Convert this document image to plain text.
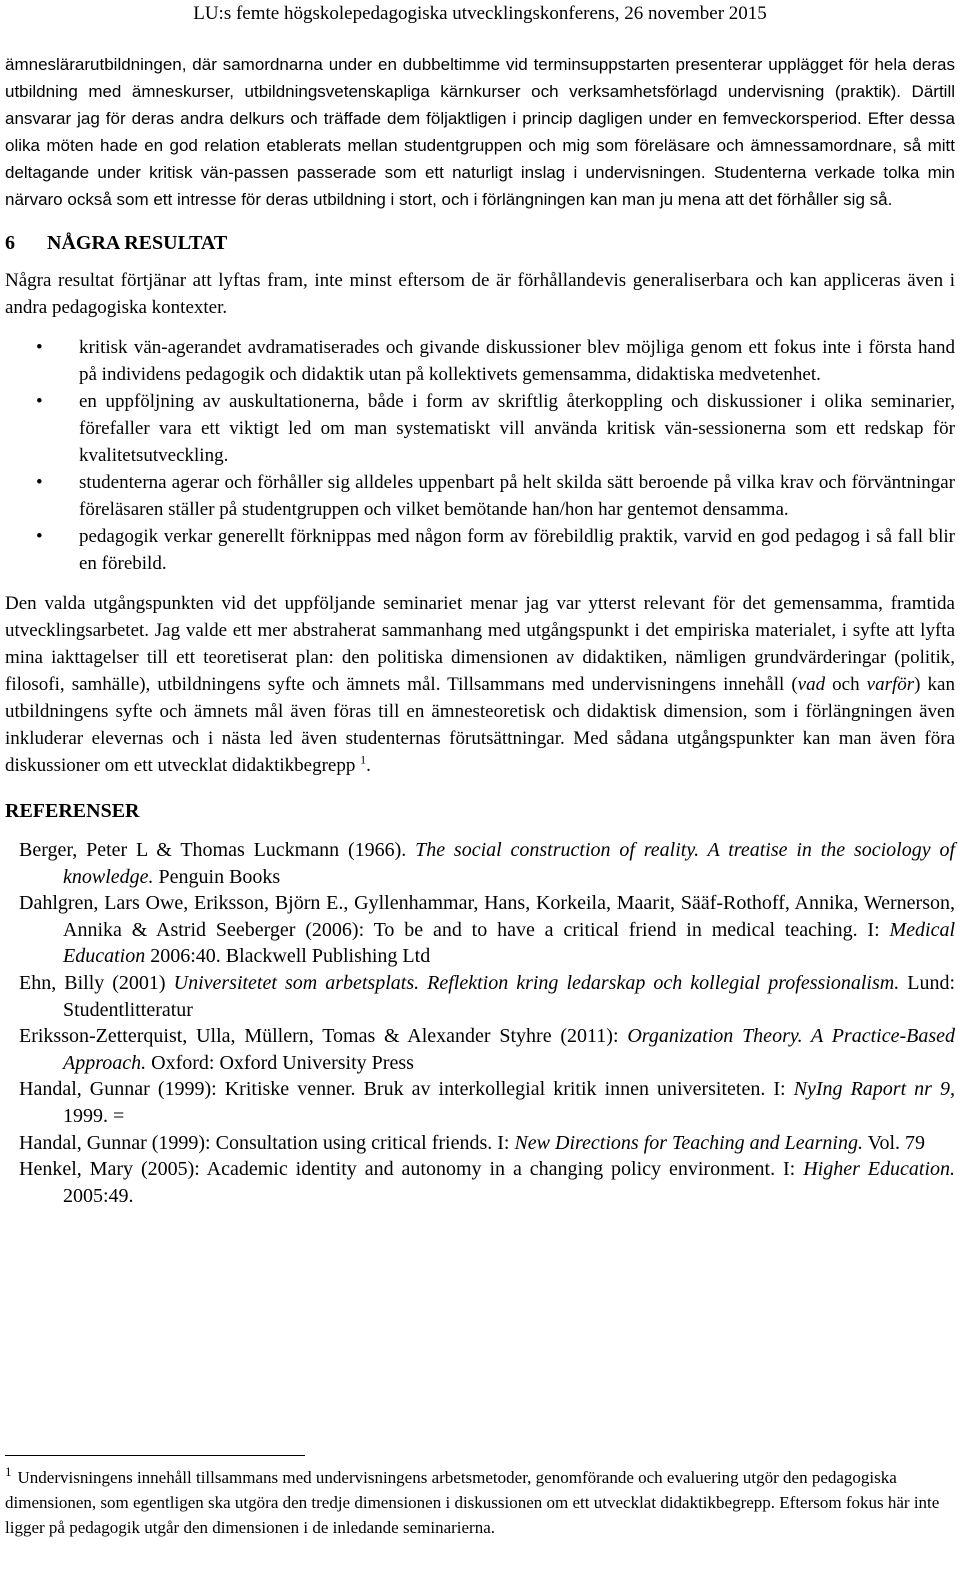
LU:s femte högskolepedagogiska utvecklingskonferens, 26 november 2015

ämneslärarutbildningen, där samordnarna under en dubbeltimme vid terminsuppstarten presenterar upplägget för hela deras utbildning med ämneskurser, utbildningsvetenskapliga kärnkurser och verksamhetsförlagd undervisning (praktik). Därtill ansvarar jag för deras andra delkurs och träffade dem följaktligen i princip dagligen under en femveckorsperiod. Efter dessa olika möten hade en god relation etablerats mellan studentgruppen och mig som föreläsare och ämnessamordnare, så mitt deltagande under kritisk vän-passen passerade som ett naturligt inslag i undervisningen. Studenterna verkade tolka min närvaro också som ett intresse för deras utbildning i stort, och i förlängningen kan man ju mena att det förhåller sig så.

6 NÅGRA RESULTAT

Några resultat förtjänar att lyftas fram, inte minst eftersom de är förhållandevis generaliserbara och kan appliceras även i andra pedagogiska kontexter.

• kritisk vän-agerandet avdramatiserades och givande diskussioner blev möjliga genom ett fokus inte i första hand på individens pedagogik och didaktik utan på kollektivets gemensamma, didaktiska medvetenhet.
• en uppföljning av auskultationerna, både i form av skriftlig återkoppling och diskussioner i olika seminarier, förefaller vara ett viktigt led om man systematiskt vill använda kritisk vän-sessionerna som ett redskap för kvalitetsutveckling.
• studenterna agerar och förhåller sig alldeles uppenbart på helt skilda sätt beroende på vilka krav och förväntningar föreläsaren ställer på studentgruppen och vilket bemötande han/hon har gentemot densamma.
• pedagogik verkar generellt förknippas med någon form av förebildlig praktik, varvid en god pedagog i så fall blir en förebild.

Den valda utgångspunkten vid det uppföljande seminariet menar jag var ytterst relevant för det gemensamma, framtida utvecklingsarbetet. Jag valde ett mer abstraherat sammanhang med utgångspunkt i det empiriska materialet, i syfte att lyfta mina iakttagelser till ett teoretiserat plan: den politiska dimensionen av didaktiken, nämligen grundvärderingar (politik, filosofi, samhälle), utbildningens syfte och ämnets mål. Tillsammans med undervisningens innehåll (vad och varför) kan utbildningens syfte och ämnets mål även föras till en ämnesteoretisk och didaktisk dimension, som i förlängningen även inkluderar elevernas och i nästa led även studenternas förutsättningar. Med sådana utgångspunkter kan man även föra diskussioner om ett utvecklat didaktikbegrepp $^1$.

REFERENSER
Berger, Peter L & Thomas Luckmann (1966). The social construction of reality. A treatise in the sociology of knowledge. Penguin Books
Dahlgren, Lars Owe, Eriksson, Björn E., Gyllenhammar, Hans, Korkeila, Maarit, Sääf-Rothoff, Annika, Wernerson, Annika & Astrid Seeberger (2006): To be and to have a critical friend in medical teaching. I: Medical Education 2006:40. Blackwell Publishing Ltd
Ehn, Billy (2001) Universitetet som arbetsplats. Reflektion kring ledarskap och kollegial professionalism. Lund: Studentlitteratur
Eriksson-Zetterquist, Ulla, Müllern, Tomas & Alexander Styhre (2011): Organization Theory. A Practice-Based Approach. Oxford: Oxford University Press
Handal, Gunnar (1999): Kritiske venner. Bruk av interkollegial kritik innen universiteten. I: NyIng Raport nr 9, 1999. =
Handal, Gunnar (1999): Consultation using critical friends. I: New Directions for Teaching and Learning. Vol. 79
Henkel, Mary (2005): Academic identity and autonomy in a changing policy environment. I: Higher Education. 2005:49.
$^1$ Undervisningens innehåll tillsammans med undervisningens arbetsmetoder, genomförande och evaluering utgör den pedagogiska dimensionen, som egentligen ska utgöra den tredje dimensionen i diskussionen om ett utvecklat didaktikbegrepp. Eftersom fokus här inte ligger på pedagogik utgår den dimensionen i de inledande seminarierna.
